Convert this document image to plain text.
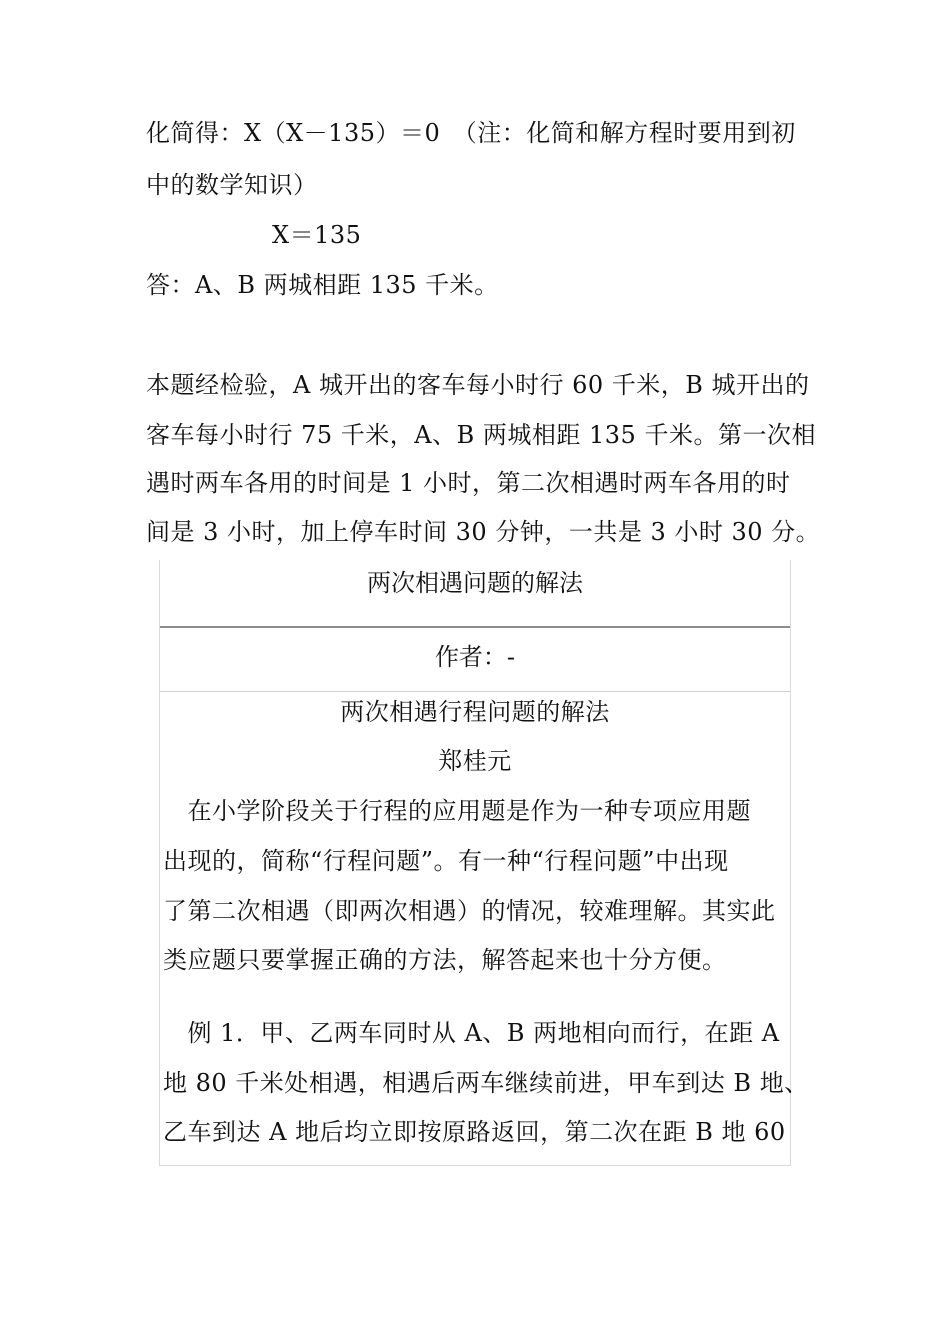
化简得：X（X－135）＝0　（注：化简和解方程时要用到初
中的数学知识）
X＝135
答：A、B 两城相距 135 千米。
本题经检验，A 城开出的客车每小时行 60 千米，B 城开出的
客车每小时行 75 千米，A、B 两城相距 135 千米。第一次相
遇时两车各用的时间是 1 小时，第二次相遇时两车各用的时
间是 3 小时，加上停车时间 30 分钟，一共是 3 小时 30 分。
两次相遇问题的解法
作者：-
两次相遇行程问题的解法
郑桂元
　在小学阶段关于行程的应用题是作为一种专项应用题
出现的，简称“行程问题”。有一种“行程问题”中出现
了第二次相遇（即两次相遇）的情况，较难理解。其实此
类应题只要掌握正确的方法，解答起来也十分方便。
　例 1．甲、乙两车同时从 A、B 两地相向而行，在距 A
地 80 千米处相遇，相遇后两车继续前进，甲车到达 B 地、
乙车到达 A 地后均立即按原路返回，第二次在距 B 地 60
